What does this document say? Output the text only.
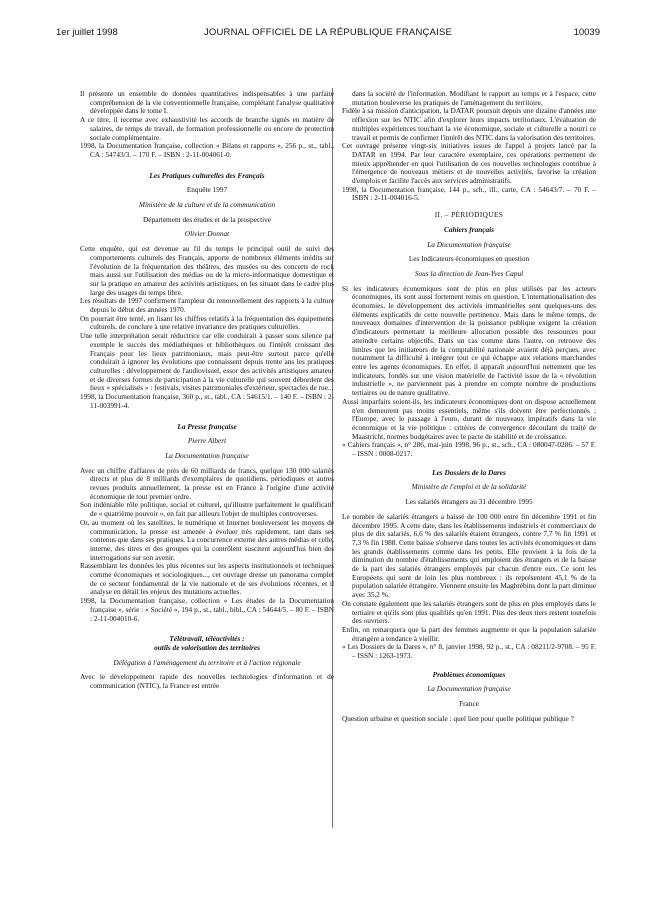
1er juillet 1998	JOURNAL OFFICIEL DE LA RÉPUBLIQUE FRANÇAISE	10039

Il présente un ensemble de données quantitatives indispensables à une parfaite compréhension de la vie conventionnelle française, complétant l'analyse qualitative développée dans le tome I.

A ce titre, il recense avec exhaustivité les accords de branche signés en matière de salaires, de temps de travail, de formation professionnelle ou encore de protection sociale complémentaire.

1998, la Documentation française, collection « Bilans et rapports », 256 p., st., tabl., CA : 54743/3. – 170 F. – ISBN : 2-11-004061-0.

Les Pratiques culturelles des Français

Enquête 1997

Ministère de la culture et de la communication

Département des études et de la prospective

Olivier Donnat

Cette enquête, qui est devenue au fil du temps le principal outil de suivi des comportements culturels des Français, apporte de nombreux éléments inédits sur l'évolution de la fréquentation des théâtres, des musées ou des concerts de rock mais aussi sur l'utilisation des médias ou de la micro-informatique domestique et sur la pratique en amateur des activités artistiques, en les situant dans le cadre plus large des usages du temps libre.

Les résultats de 1997 confirment l'ampleur du renouvellement des rapports à la culture depuis le début des années 1970.

On pourrait être tenté, en lisant les chiffres relatifs à la fréquentation des équipements culturels, de conclure à une relative invariance des pratiques culturelles.

Une telle interprétation serait réductrice car elle conduirait à passer sous silence par exemple le succès des médiathèques et bibliothèques ou l'intérêt croissant des Français pour les lieux patrimoniaux, mais peut-être surtout parce qu'elle conduirait à ignorer les évolutions que connaissent depuis trente ans les pratiques culturelles : développement de l'audiovisuel, essor des activités artistiques amateur et de diverses formes de participation à la vie culturelle qui souvent débordent des lieux « spécialisés » : festivals, visites patrimoniales d'extérieur, spectacles de rue...

1998, la Documentation française, 360 p., st., tabl., CA : 54615/1. – 140 F. – ISBN : 2-11-003991-4.

La Presse française

Pierre Albert

La Documentation française

Avec un chiffre d'affaires de près de 60 milliards de francs, quelque 130 000 salariés directs et plus de 8 milliards d'exemplaires de quotidiens, périodiques et autres revues produits annuellement, la presse est en France à l'origine d'une activité économique de tout premier ordre.

Son indéniable rôle politique, social et culturel, qu'illustre parfaitement le qualificatif de « quatrième pouvoir », en fait par ailleurs l'objet de multiples controverses.

Or, au moment où les satellites, le numérique et Internet bouleversent les moyens de communication, la presse est amenée à évoluer très rapidement, tant dans ses contenus que dans ses pratiques. La concurrence externe des autres médias et celle, interne, des titres et des groupes qui la contrôlent suscitent aujourd'hui bien des interrogations sur son avenir.

Rassemblant les données les plus récentes sur les aspects institutionnels et techniques comme économiques et sociologiques..., cet ouvrage dresse un panorama complet de ce secteur fondamental de la vie nationale et de ses évolutions récentes, et il analyse en détail les enjeux des mutations actuelles.

1998, la Documentation française, collection « Les études de la Documentation française », série : « Société », 194 p., st., tabl., bibl., CA : 54644/5. – 80 F. – ISBN : 2-11-004010-6.

Télétravail, téléactivités :

outils de valorisation des territoires

Délégation à l'aménagement du territoire et à l'action régionale

Avec le développement rapide des nouvelles technologies d'information et de communication (NTIC), la France est entrée

dans la société de l'information. Modifiant le rapport au temps et à l'espace, cette mutation bouleverse les pratiques de l'aménagement du territoire.

Fidèle à sa mission d'anticipation, la DATAR poursuit depuis une dizaine d'années une réflexion sur les NTIC afin d'explorer leurs impacts territoriaux. L'évaluation de multiples expériences touchant la vie économique, sociale et culturelle a nourri ce travail et permis de confirmer l'intérêt des NTIC dans la valorisation des territoires.

Cet ouvrage présente vingt-six initiatives issues de l'appel à projets lancé par la DATAR en 1994. Par leur caractère exemplaire, ces opérations permettent de mieux appréhender en quoi l'utilisation de ces nouvelles technologies contribue à l'émergence de nouveaux métiers et de nouvelles activités, favorise la création d'emplois et facilite l'accès aux services administratifs.

1998, la Documentation française, 144 p., sch., ill., carte, CA : 54643/7. – 70 F. – ISBN : 2-11-004016-5.

II. – PÉRIODIQUES

Cahiers français

La Documentation française

Les Indicateurs économiques en question

Sous la direction de Jean-Yves Capul

Si les indicateurs économiques sont de plus en plus utilisés par les acteurs économiques, ils sont aussi fortement remis en question. L'internationalisation des économies, le développement des activités immatérielles sont quelques-uns des éléments explicatifs de cette nouvelle pertinence. Mais dans le même temps, de nouveaux domaines d'intervention de la puissance publique exigent la création d'indicateurs permettant la meilleure allocation possible des ressources pour atteindre certains objectifs. Dans un cas comme dans l'autre, on retrouve des limites que les initiateurs de la comptabilité nationale avaient déjà perçues, avec notamment la difficulté à intégrer tout ce qui échappe aux relations marchandes entre les agents économiques. En effet, il apparaît aujourd'hui nettement que les indicateurs, fondés sur une vision matérielle de l'activité issue de la « révolution industrielle », ne parviennent pas à prendre en compte nombre de productions tertiaires ou de nature qualitative.

Aussi imparfaits soient-ils, les indicateurs économiques dont on dispose actuellement n'en demeurent pas moins essentiels, même s'ils doivent être perfectionnés ; l'Europe, avec le passage à l'euro, durant de nouveaux impératifs dans la vie économique et la vie politique : critères de convergence découlant du traité de Maastricht, normes budgétaires avec le pacte de stabilité et de croissance.

« Cahiers français », n° 286, mai-juin 1998, 96 p., st., sch., CA : 080047-0286. – 57 F. – ISSN : 0008-0217.

Les Dossiers de la Dares

Ministère de l'emploi et de la solidarité

Les salariés étrangers au 31 décembre 1995

Le nombre de salariés étrangers a baissé de 100 000 entre fin décembre 1991 et fin décembre 1995. A cette date, dans les établissements industriels et commerciaux de plus de dix salariés, 6,6 % des salariés étaient étrangers, contre 7,7 % fin 1991 et 7,3 % fin 1988. Cette baisse s'observe dans toutes les activités économiques et dans les grands établissements comme dans les petits. Elle provient à la fois de la diminution du nombre d'établissements qui emploient des étrangers et de la baisse de la part des salariés étrangers employés par chacun d'entre eux. Ce sont les Européens qui sont de loin les plus nombreux : ils représentent 45,1 % de la population salariée étrangère. Viennent ensuite les Maghrébins dont la part diminue avec 35,2 %.

On constate également que les salariés étrangers sont de plus en plus employés dans le tertiaire et qu'ils sont plus qualifiés qu'en 1991. Plus des deux tiers restent toutefois des ouvriers.

Enfin, on remarquera que la part des femmes augmente et que la population salariée étrangère a tendance à vieillir.

« Les Dossiers de la Dares », n° 8, janvier 1998, 92 p., st., CA : 08211/2-9708. – 95 F. – ISSN : 1263-1973.

Problèmes économiques

La Documentation française

France

Question urbaine et question sociale : quel lien pour quelle politique publique ?
